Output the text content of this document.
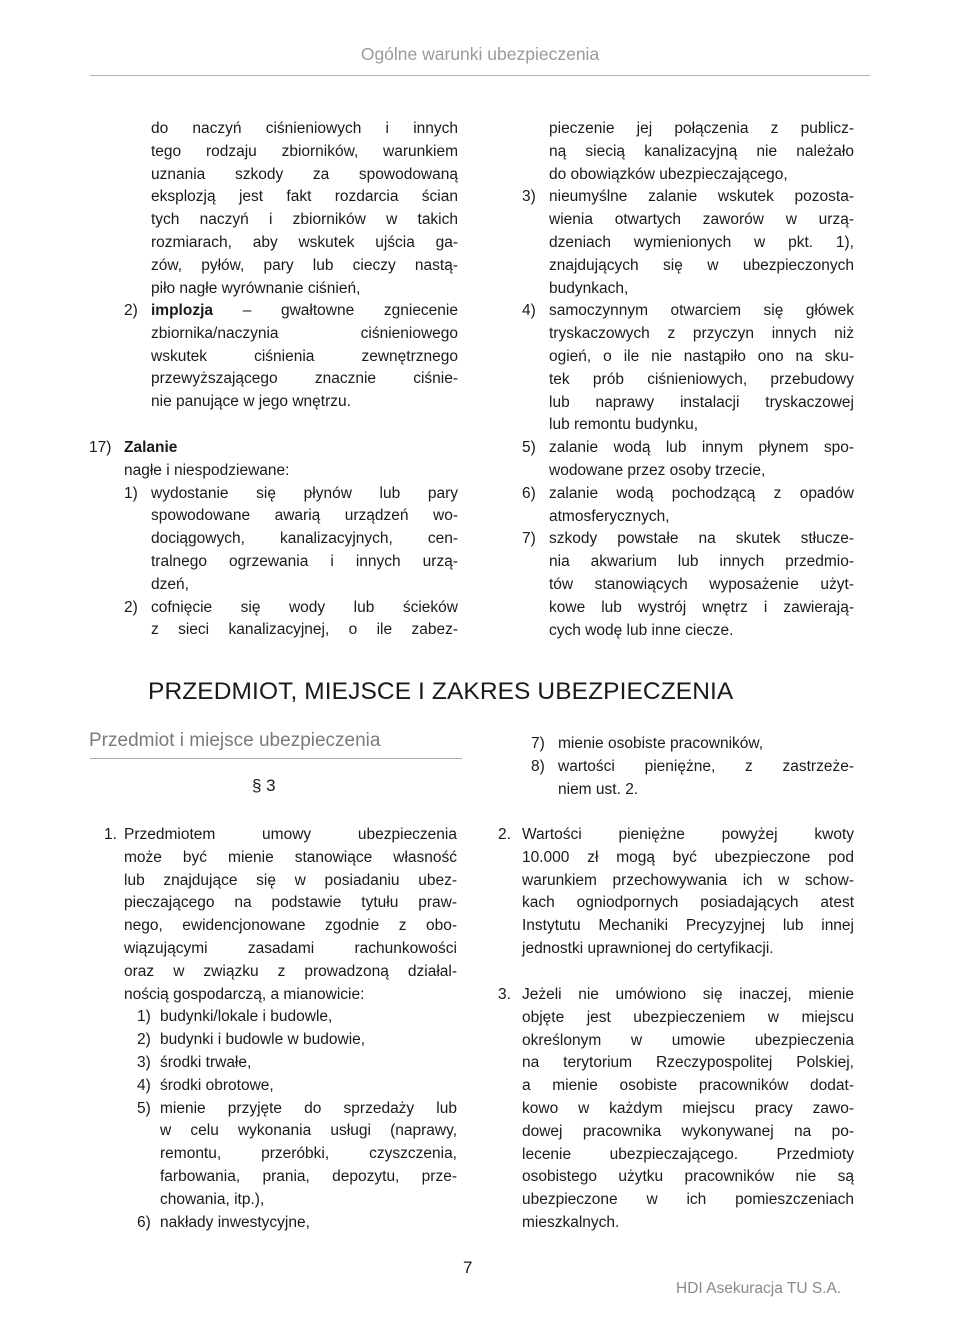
Ogólne warunki ubezpieczenia
do naczyń ciśnieniowych i innych
tego rodzaju zbiorników, warunkiem
uznania szkody za spowodowaną
eksplozją jest fakt rozdarcia ścian
tych naczyń i zbiorników w takich
rozmiarach, aby wskutek ujścia ga-
zów, pyłów, pary lub cieczy nastą-
piło nagłe wyrównanie ciśnień,
2) implozja – gwałtowne zgniecenie
zbiornika/naczynia ciśnieniowego
wskutek ciśnienia zewnętrznego
przewyższającego znacznie ciśnie-
nie panujące w jego wnętrzu.
17) Zalanie
nagłe i niespodziewane:
1) wydostanie się płynów lub pary
spowodowane awarią urządzeń wo-
dociągowych, kanalizacyjnych, cen-
tralnego ogrzewania i innych urzą-
dzeń,
2) cofnięcie się wody lub ścieków
z sieci kanalizacyjnej, o ile zabez-
pieczenie jej połączenia z publicz-
ną siecią kanalizacyjną nie należało
do obowiązków ubezpieczającego,
3) nieumyślne zalanie wskutek pozosta-
wienia otwartych zaworów w urzą-
dzeniach wymienionych w pkt. 1),
znajdujących się w ubezpieczonych
budynkach,
4) samoczynnym otwarciem się główek
tryskaczowych z przyczyn innych niż
ogień, o ile nie nastąpiło ono na sku-
tek prób ciśnieniowych, przebudowy
lub naprawy instalacji tryskaczowej
lub remontu budynku,
5) zalanie wodą lub innym płynem spo-
wodowane przez osoby trzecie,
6) zalanie wodą pochodzącą z opadów
atmosferycznych,
7) szkody powstałe na skutek stłucze-
nia akwarium lub innych przedmio-
tów stanowiących wyposażenie użyt-
kowe lub wystrój wnętrz i zawierają-
cych wodę lub inne ciecze.
PRZEDMIOT, MIEJSCE I ZAKRES UBEZPIECZENIA
Przedmiot i miejsce ubezpieczenia
§ 3
7) mienie osobiste pracowników,
8) wartości pieniężne, z zastrzeże-
niem ust. 2.
1. Przedmiotem umowy ubezpieczenia
może być mienie stanowiące własność
lub znajdujące się w posiadaniu ubez-
pieczającego na podstawie tytułu praw-
nego, ewidencjonowane zgodnie z obo-
wiązującymi zasadami rachunkowości
oraz w związku z prowadzoną działal-
nością gospodarczą, a mianowicie:
1) budynki/lokale i budowle,
2) budynki i budowle w budowie,
3) środki trwałe,
4) środki obrotowe,
5) mienie przyjęte do sprzedaży lub
w celu wykonania usługi (naprawy,
remontu, przeróbki, czyszczenia,
farbowania, prania, depozytu, prze-
chowania, itp.),
6) nakłady inwestycyjne,
2. Wartości pieniężne powyżej kwoty
10.000 zł mogą być ubezpieczone pod
warunkiem przechowywania ich w schow-
kach ogniodpornych posiadających atest
Instytutu Mechaniki Precyzyjnej lub innej
jednostki uprawnionej do certyfikacji.
3. Jeżeli nie umówiono się inaczej, mienie
objęte jest ubezpieczeniem w miejscu
określonym w umowie ubezpieczenia
na terytorium Rzeczypospolitej Polskiej,
a mienie osobiste pracowników dodat-
kowo w każdym miejscu pracy zawo-
dowej pracownika wykonywanej na po-
lecenie ubezpieczającego. Przedmioty
osobistego użytku pracowników nie są
ubezpieczone w ich pomieszczeniach
mieszkalnych.
7
HDI Asekuracja TU S.A.
